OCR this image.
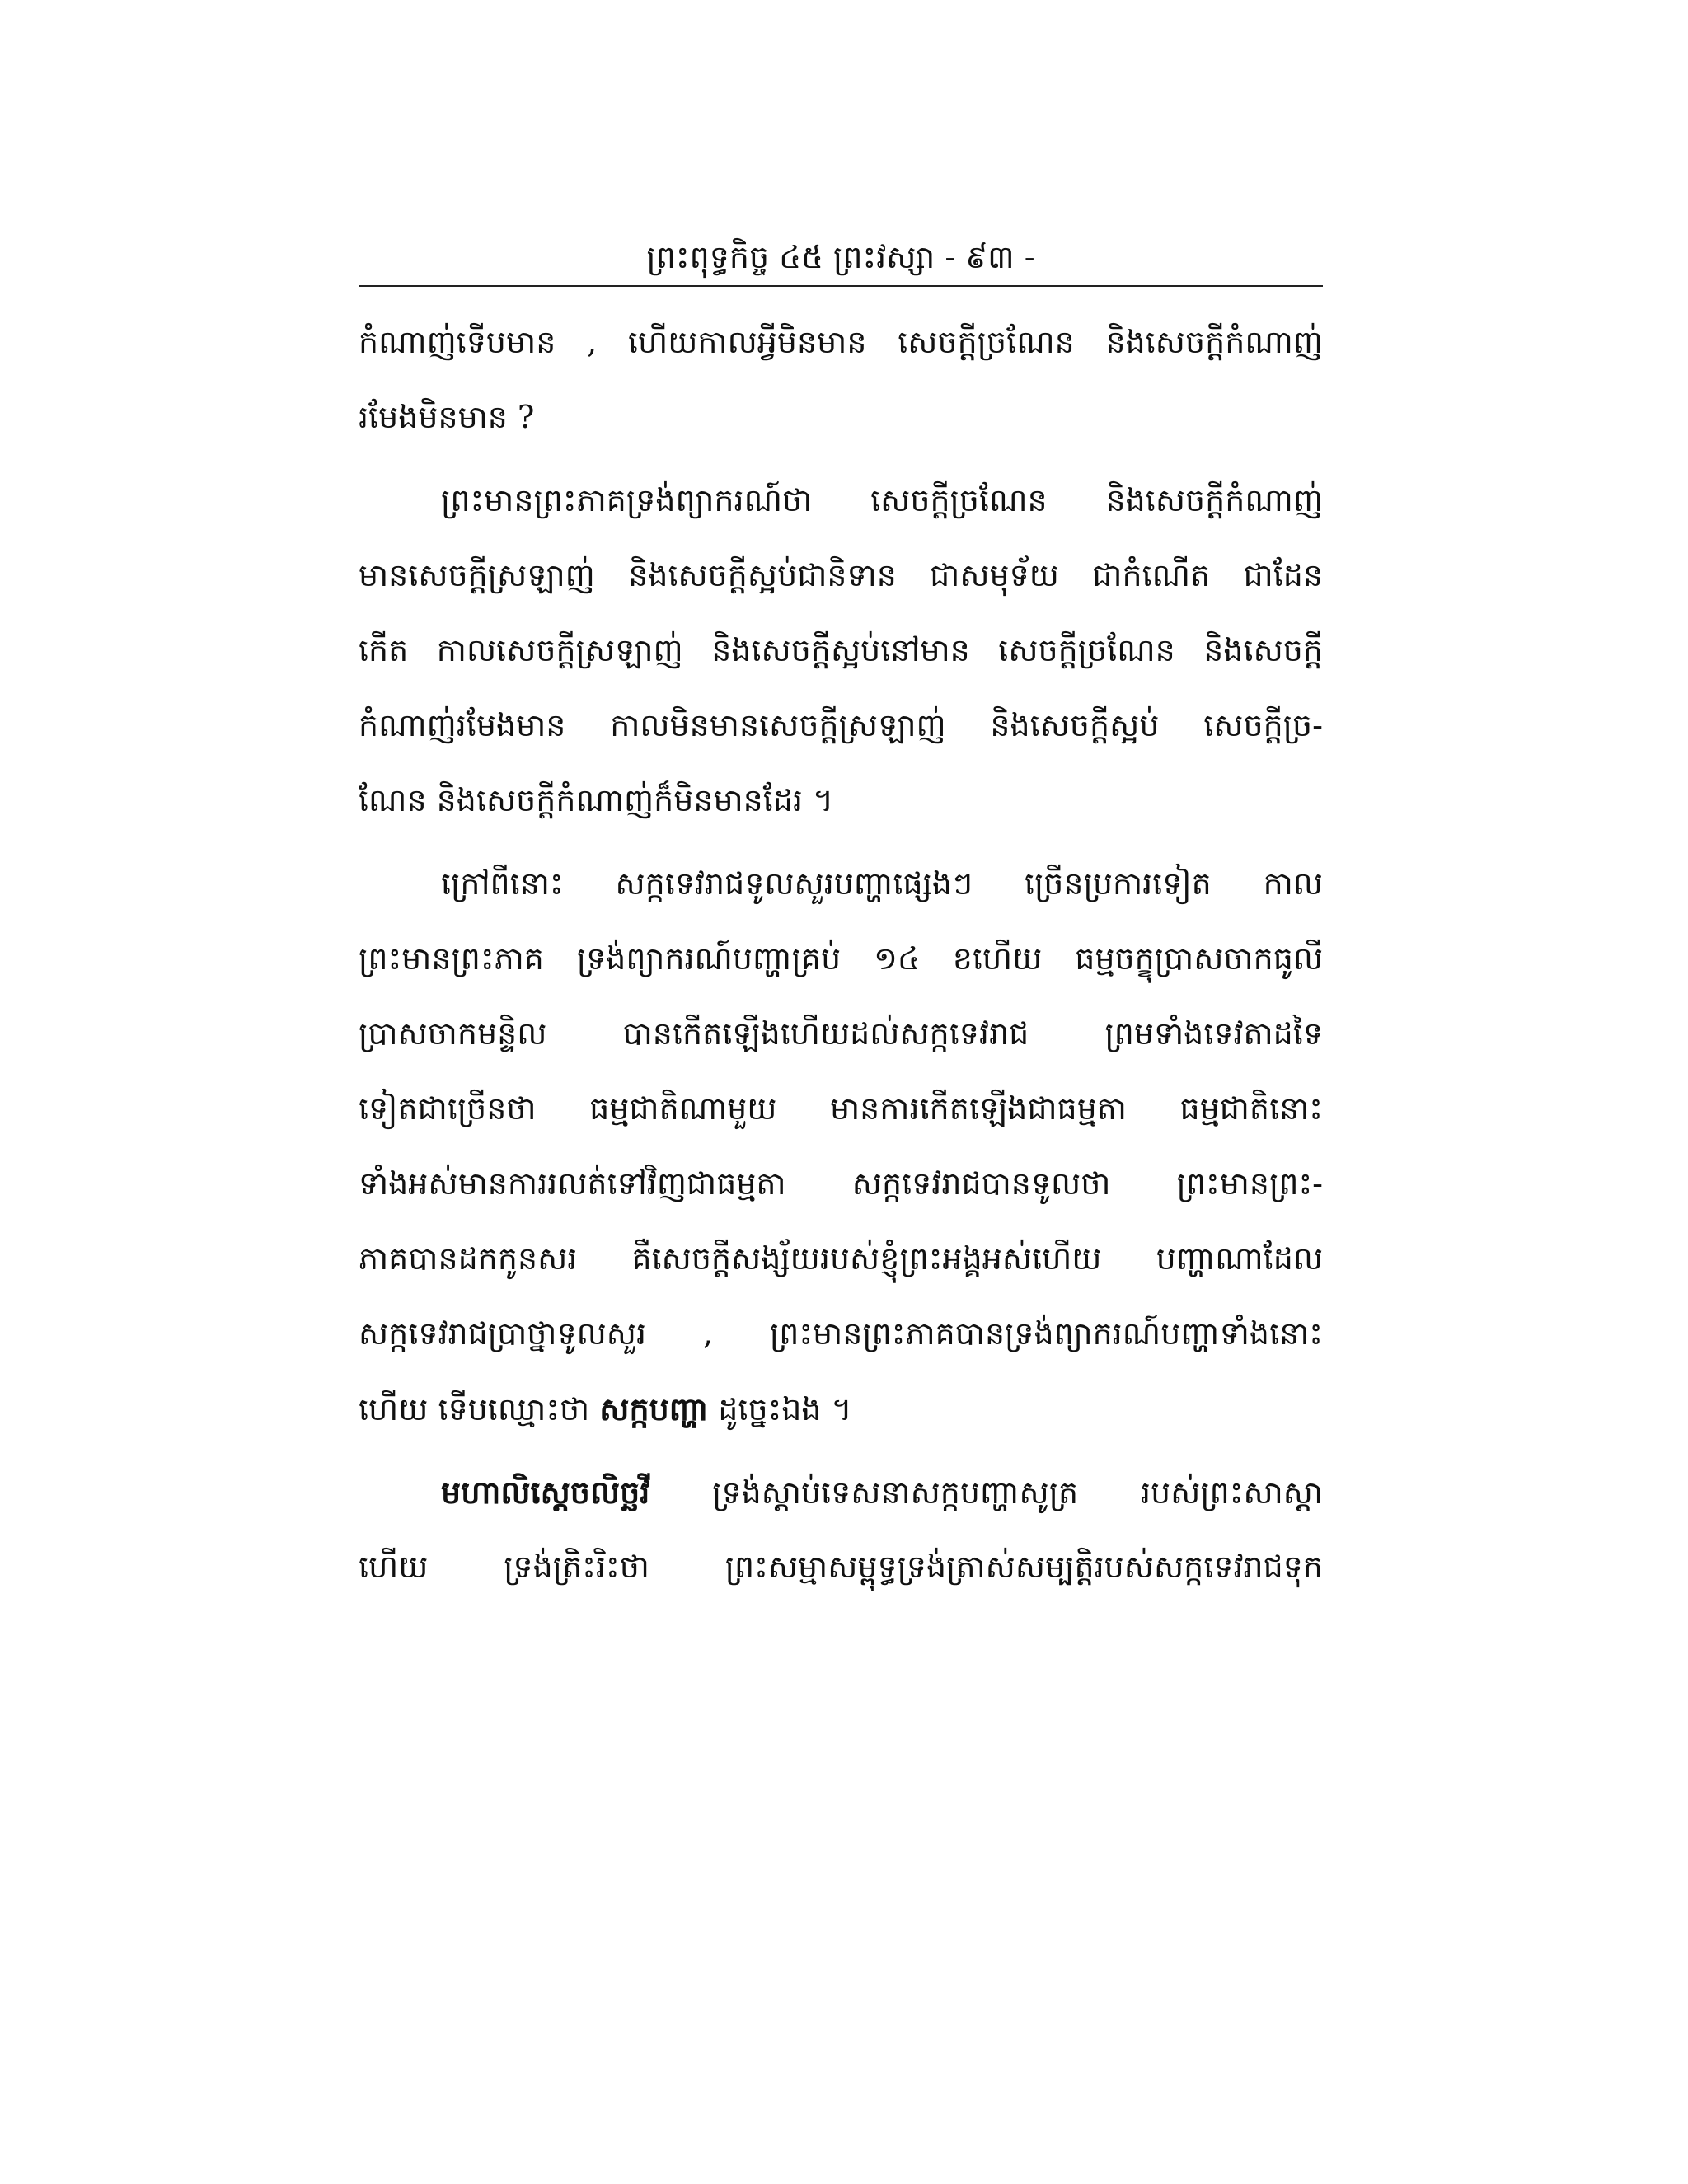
ព្រះពុទ្ធកិច្ច ៤៥ ព្រះវស្សា - ៩៣ -
កំណាញ់ទើបមាន , ហើយកាលអ្វីមិនមាន សេចក្ដីច្រណែន និងសេចក្ដីកំណាញ់
រមែងមិនមាន ?
ព្រះមានព្រះភាគទ្រង់ព្យាករណ៍ថា សេចក្ដីច្រណែន និងសេចក្ដីកំណាញ់
មានសេចក្ដីស្រឡាញ់ និងសេចក្ដីស្អប់ជានិទាន ជាសមុទ័យ ជាកំណើត ជាដែន
កើត កាលសេចក្ដីស្រឡាញ់ និងសេចក្ដីស្អប់នៅមាន សេចក្ដីច្រណែន និងសេចក្ដី
កំណាញ់រមែងមាន កាលមិនមានសេចក្ដីស្រឡាញ់ និងសេចក្ដីស្អប់ សេចក្ដីច្រ-
ណែន និងសេចក្ដីកំណាញ់ក៏មិនមានដែរ ។
ក្រៅពីនោះ សក្កទេវរាជទូលសួរបញ្ហាផ្សេងៗ ច្រើនប្រការទៀត កាល
ព្រះមានព្រះភាគ ទ្រង់ព្យាករណ៍បញ្ហាគ្រប់ ១៤ ខហើយ ធម្មចក្ខុប្រាសចាកធូលី
ប្រាសចាកមន្ទិល បានកើតឡើងហើយដល់សក្កទេវរាជ ព្រមទាំងទេវតាដទៃ
ទៀតជាច្រើនថា ធម្មជាតិណាមួយ មានការកើតឡើងជាធម្មតា ធម្មជាតិនោះ
ទាំងអស់មានការរលត់ទៅវិញជាធម្មតា សក្កទេវរាជបានទូលថា ព្រះមានព្រះ-
ភាគបានដកកូនសរ គឺសេចក្ដីសង្ស័យរបស់ខ្ញុំព្រះអង្គអស់ហើយ បញ្ហាណាដែល
សក្កទេវរាជប្រាថ្នាទូលសួរ , ព្រះមានព្រះភាគបានទ្រង់ព្យាករណ៍បញ្ហាទាំងនោះ
ហើយ ទើបឈ្មោះថា សក្កបញ្ហា ដូច្នេះឯង ។
មហាលិស្ដេចលិច្ឆវី ទ្រង់ស្ដាប់ទេសនាសក្កបញ្ហាសូត្រ របស់ព្រះសាស្ដា
ហើយ ទ្រង់ត្រិះរិះថា ព្រះសម្មាសម្ពុទ្ធទ្រង់ត្រាស់សម្បត្តិរបស់សក្កទេវរាជទុក
